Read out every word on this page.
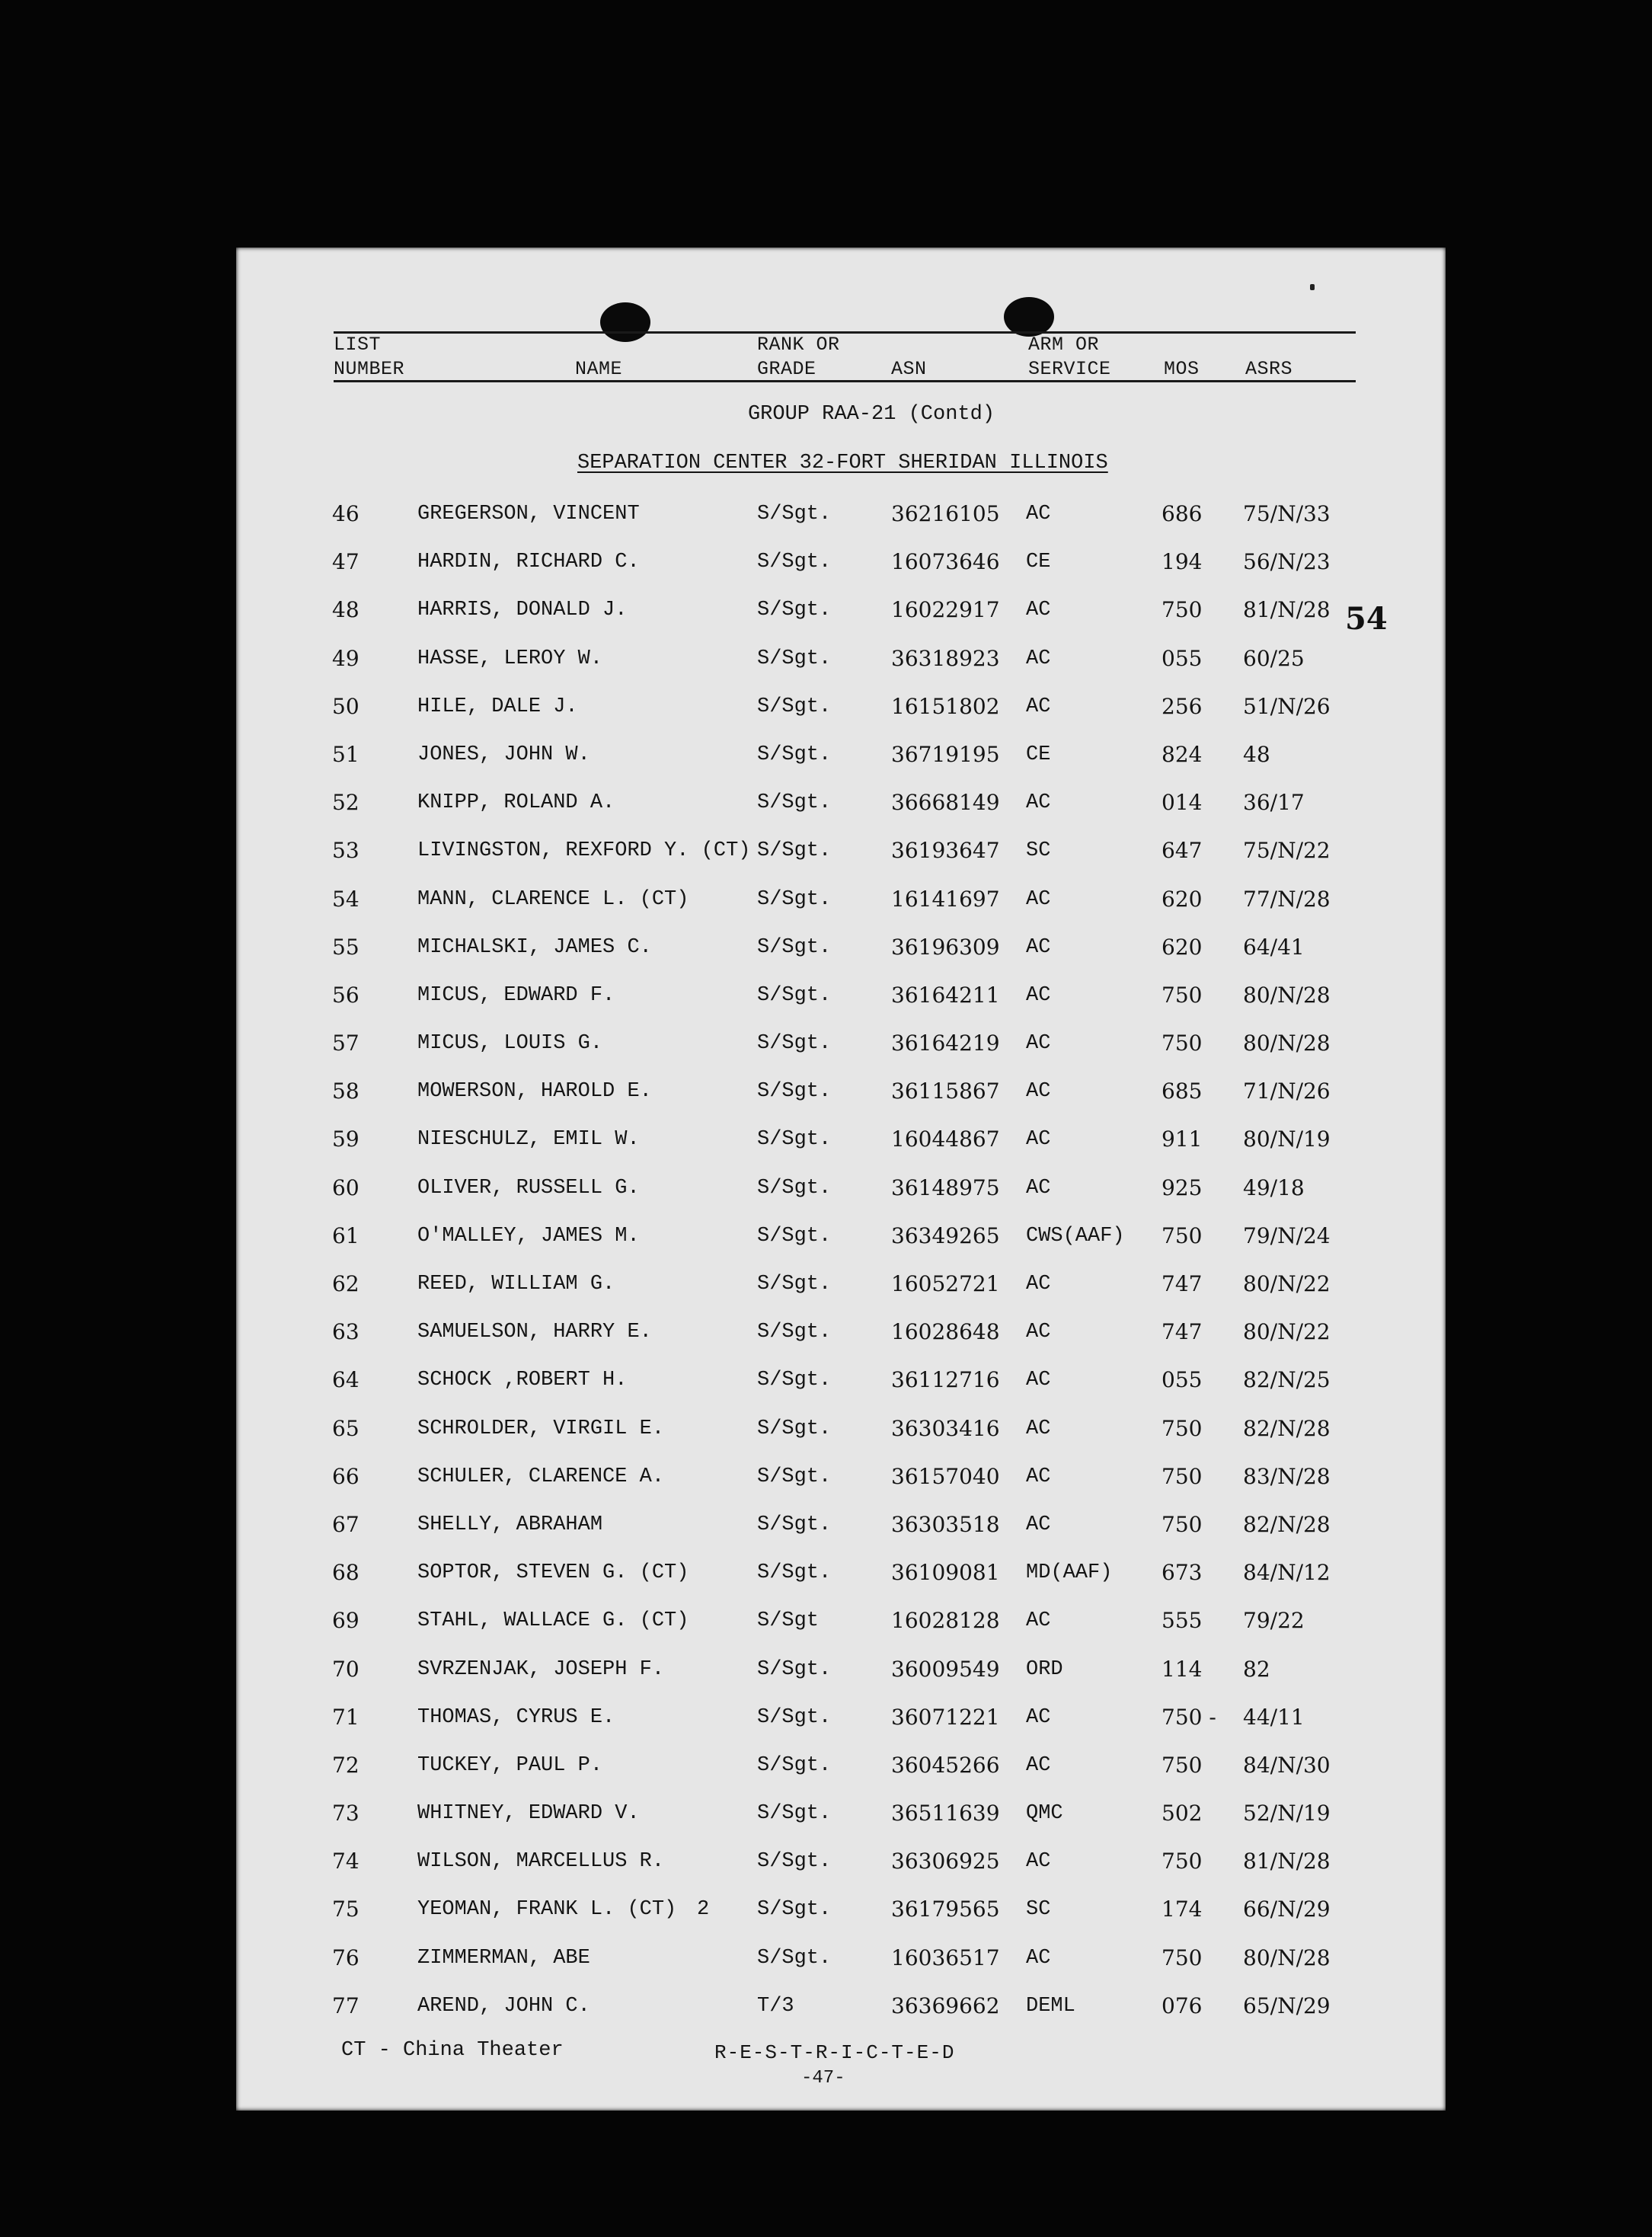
LIST
NUMBER	NAME
RANK OR
GRADE	ASN
ARM OR
SERVICE	MOS ASRS
GROUP RAA-21 (Contd)
SEPARATION CENTER 32-FORT SHERIDAN ILLINOIS
54
46	GREGERSON, VINCENT	S/Sgt.	36216105 AC	686 75/N/33
47	HARDIN, RICHARD C.	S/Sgt.	16073646 CE	194 56/N/23
48	HARRIS, DONALD J.	S/Sgt.	16022917 AC	750 81/N/28
49	HASSE, LEROY W.	S/Sgt.	36318923 AC	055 60/25
50	HILE, DALE J.	S/Sgt.	16151802 AC	256 51/N/26
51	JONES, JOHN W.	S/Sgt.	36719195 CE	824 48
52	KNIPP, ROLAND A.	S/Sgt.	36668149 AC	014 36/17
53	LIVINGSTON, REXFORD Y. (CT) S/Sgt.	36193647 SC	647 75/N/22
54	MANN, CLARENCE L. (CT)	S/Sgt.	16141697 AC	620 77/N/28
55	MICHALSKI, JAMES C.	S/Sgt.	36196309 AC	620 64/41
56	MICUS, EDWARD F.	S/Sgt.	36164211 AC	750 80/N/28
57	MICUS, LOUIS G.	S/Sgt.	36164219 AC	750 80/N/28
58	MOWERSON, HAROLD E.	S/Sgt.	36115867 AC	685 71/N/26
59	NIESCHULZ, EMIL W.	S/Sgt.	16044867 AC	911 80/N/19
60	OLIVER, RUSSELL G.	S/Sgt.	36148975 AC	925 49/18
61	O'MALLEY, JAMES M.	S/Sgt.	36349265 CWS(AAF) 750 79/N/24
62	REED, WILLIAM G.	S/Sgt.	16052721 AC	747 80/N/22
63	SAMUELSON, HARRY E.	S/Sgt.	16028648 AC	747 80/N/22
64	SCHOCK ,ROBERT H.	S/Sgt.	36112716 AC	055 82/N/25
65	SCHROLDER, VIRGIL E.	S/Sgt.	36303416 AC	750 82/N/28
66	SCHULER, CLARENCE A.	S/Sgt.	36157040 AC	750 83/N/28
67	SHELLY, ABRAHAM	S/Sgt.	36303518 AC	750 82/N/28
68	SOPTOR, STEVEN G. (CT)	S/Sgt.	36109081 MD(AAF) 673 84/N/12
69	STAHL, WALLACE G. (CT)	S/Sgt	16028128 AC	555 79/22
70	SVRZENJAK, JOSEPH F.	S/Sgt.	36009549 ORD	114 82
71	THOMAS, CYRUS E.	S/Sgt.	36071221 AC	750 - 44/11
72	TUCKEY, PAUL P.	S/Sgt.	36045266 AC	750 84/N/30
73	WHITNEY, EDWARD V.	S/Sgt.	36511639 QMC	502 52/N/19
74	WILSON, MARCELLUS R.	S/Sgt.	36306925 AC	750 81/N/28
75	YEOMAN, FRANK L. (CT) 2 S/Sgt.	36179565 SC	174 66/N/29
76	ZIMMERMAN, ABE	S/Sgt.	16036517 AC	750 80/N/28
77	AREND, JOHN C.	T/3	36369662 DEML	076 65/N/29
CT - China Theater	R-E-S-T-R-I-C-T-E-D
-47-
